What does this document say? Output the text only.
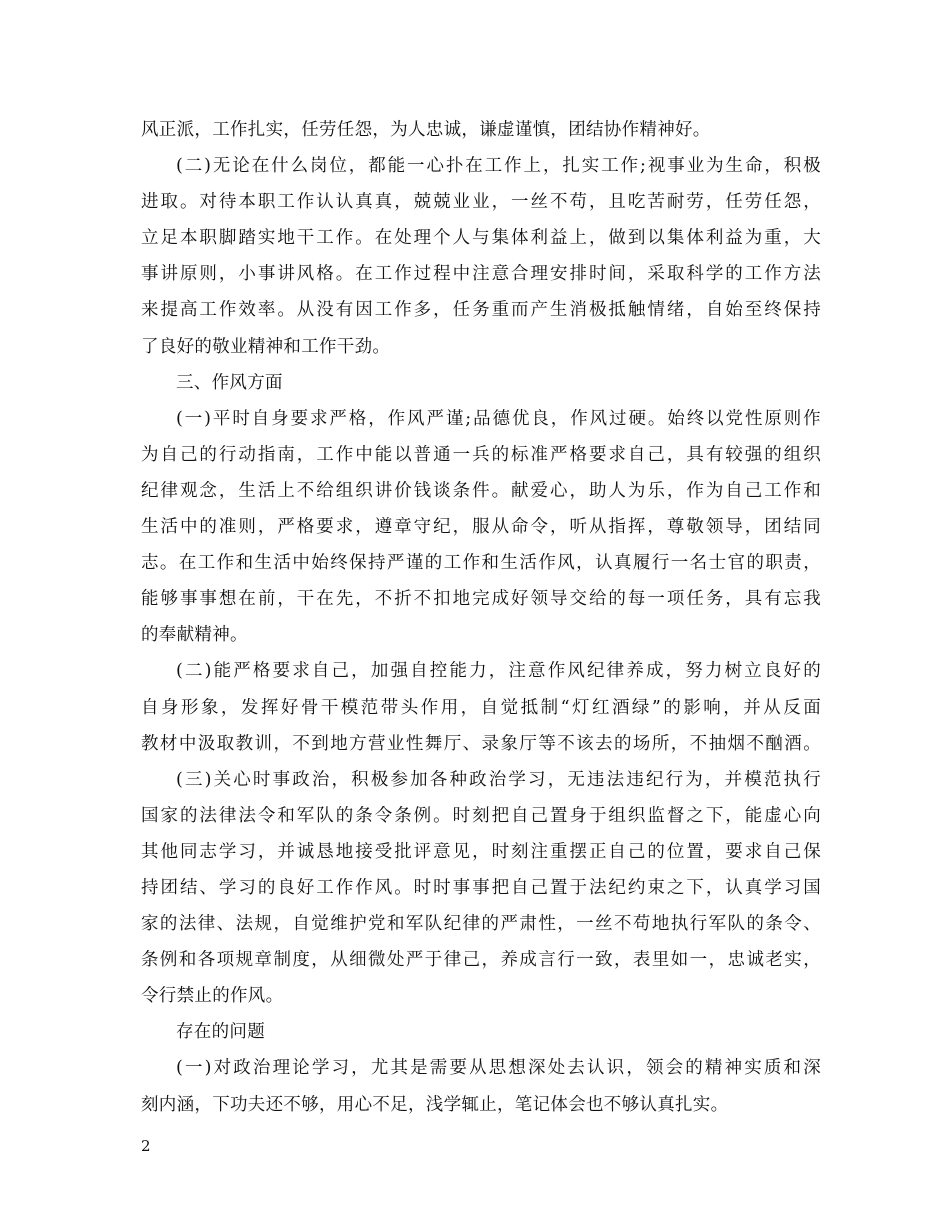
风正派，工作扎实，任劳任怨，为人忠诚，谦虚谨慎，团结协作精神好。
(二)无论在什么岗位，都能一心扑在工作上，扎实工作;视事业为生命，积极
进取。对待本职工作认认真真，兢兢业业，一丝不苟，且吃苦耐劳，任劳任怨，
立足本职脚踏实地干工作。在处理个人与集体利益上，做到以集体利益为重，大
事讲原则，小事讲风格。在工作过程中注意合理安排时间，采取科学的工作方法
来提高工作效率。从没有因工作多，任务重而产生消极抵触情绪，自始至终保持
了良好的敬业精神和工作干劲。
三、作风方面
(一)平时自身要求严格，作风严谨;品德优良，作风过硬。始终以党性原则作
为自己的行动指南，工作中能以普通一兵的标准严格要求自己，具有较强的组织
纪律观念，生活上不给组织讲价钱谈条件。献爱心，助人为乐，作为自己工作和
生活中的准则，严格要求，遵章守纪，服从命令，听从指挥，尊敬领导，团结同
志。在工作和生活中始终保持严谨的工作和生活作风，认真履行一名士官的职责，
能够事事想在前，干在先，不折不扣地完成好领导交给的每一项任务，具有忘我
的奉献精神。
(二)能严格要求自己，加强自控能力，注意作风纪律养成，努力树立良好的
自身形象，发挥好骨干模范带头作用，自觉抵制“灯红酒绿”的影响，并从反面
教材中汲取教训，不到地方营业性舞厅、录象厅等不该去的场所，不抽烟不酗酒。
(三)关心时事政治，积极参加各种政治学习，无违法违纪行为，并模范执行
国家的法律法令和军队的条令条例。时刻把自己置身于组织监督之下，能虚心向
其他同志学习，并诚恳地接受批评意见，时刻注重摆正自己的位置，要求自己保
持团结、学习的良好工作作风。时时事事把自己置于法纪约束之下，认真学习国
家的法律、法规，自觉维护党和军队纪律的严肃性，一丝不苟地执行军队的条令、
条例和各项规章制度，从细微处严于律己，养成言行一致，表里如一，忠诚老实，
令行禁止的作风。
存在的问题
(一)对政治理论学习，尤其是需要从思想深处去认识，领会的精神实质和深
刻内涵，下功夫还不够，用心不足，浅学辄止，笔记体会也不够认真扎实。
2
